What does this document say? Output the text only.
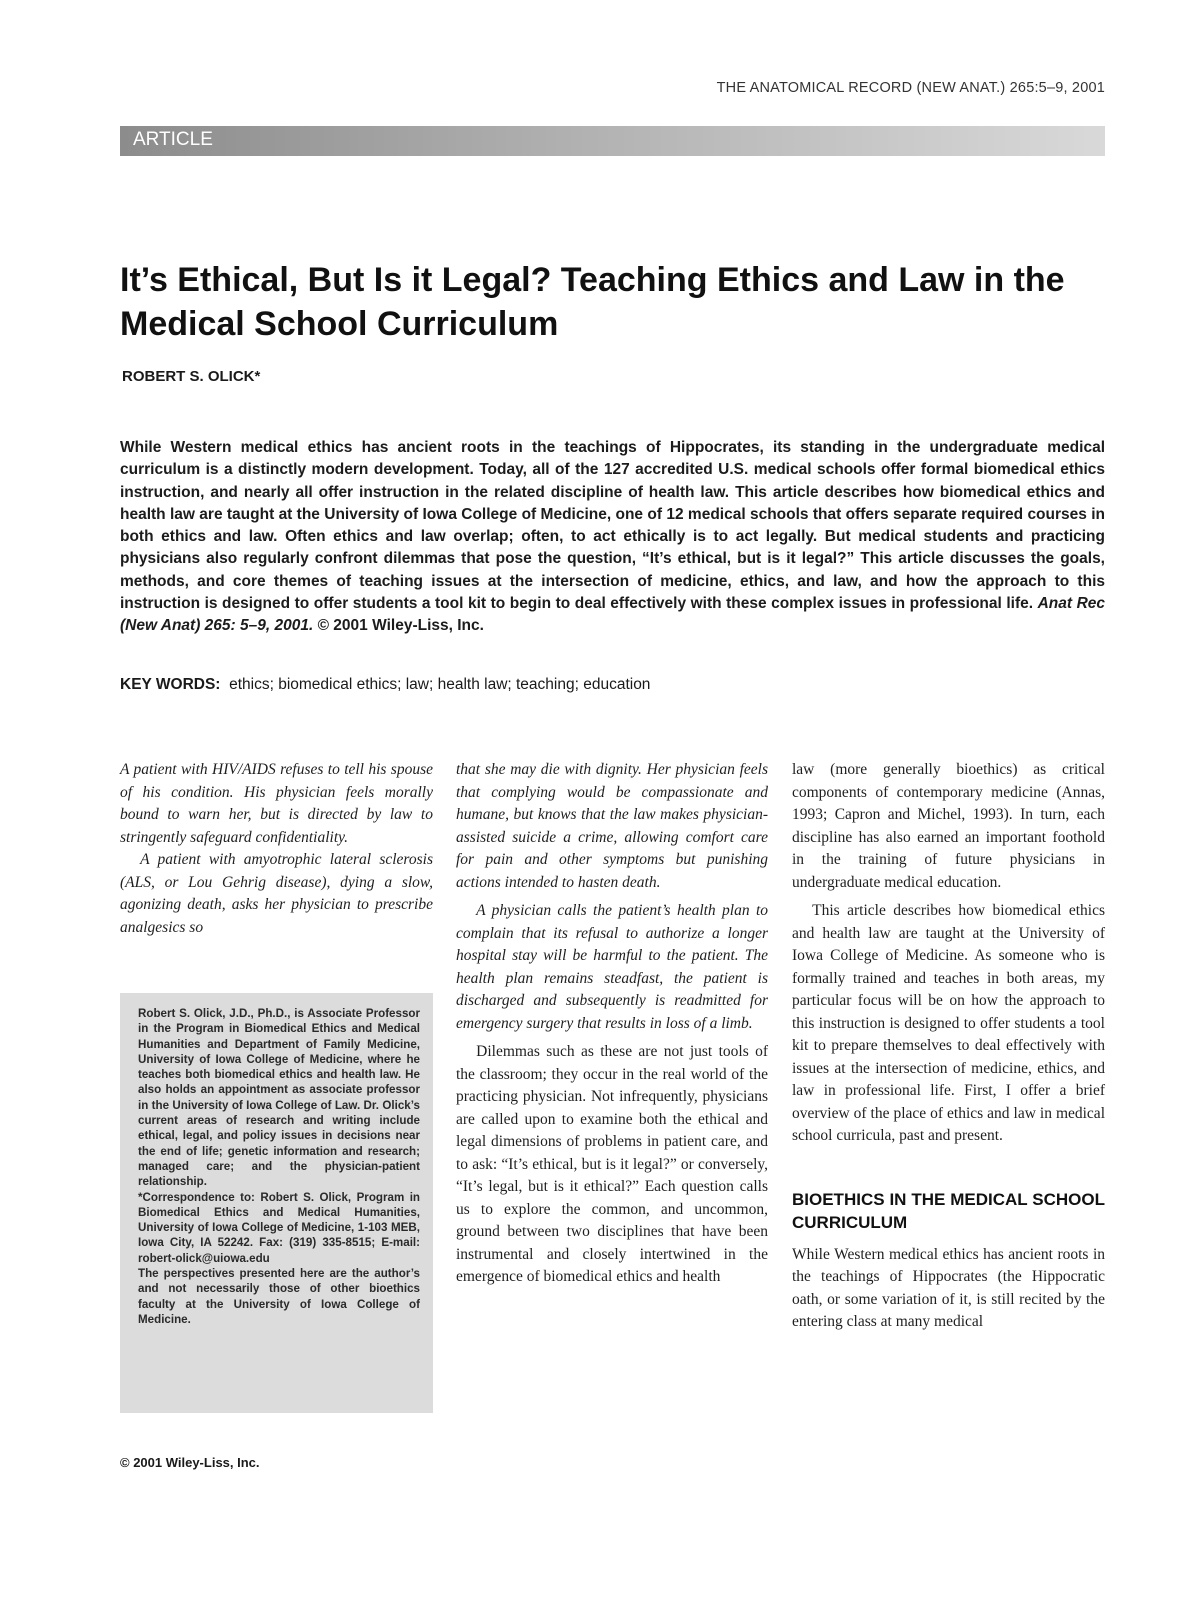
THE ANATOMICAL RECORD (NEW ANAT.) 265:5–9, 2001
ARTICLE
It’s Ethical, But Is it Legal? Teaching Ethics and Law in the Medical School Curriculum
ROBERT S. OLICK*

While Western medical ethics has ancient roots in the teachings of Hippocrates, its standing in the undergraduate medical curriculum is a distinctly modern development. Today, all of the 127 accredited U.S. medical schools offer formal biomedical ethics instruction, and nearly all offer instruction in the related discipline of health law. This article describes how biomedical ethics and health law are taught at the University of Iowa College of Medicine, one of 12 medical schools that offers separate required courses in both ethics and law. Often ethics and law overlap; often, to act ethically is to act legally. But medical students and practicing physicians also regularly confront dilemmas that pose the question, “It’s ethical, but is it legal?” This article discusses the goals, methods, and core themes of teaching issues at the intersection of medicine, ethics, and law, and how the approach to this instruction is designed to offer students a tool kit to begin to deal effectively with these complex issues in professional life. Anat Rec (New Anat) 265: 5–9, 2001. © 2001 Wiley-Liss, Inc.

KEY WORDS: ethics; biomedical ethics; law; health law; teaching; education

A patient with HIV/AIDS refuses to tell his spouse of his condition. His physician feels morally bound to warn her, but is directed by law to stringently safeguard confidentiality.

A patient with amyotrophic lateral sclerosis (ALS, or Lou Gehrig disease), dying a slow, agonizing death, asks her physician to prescribe analgesics so

Robert S. Olick, J.D., Ph.D., is Associate Professor in the Program in Biomedical Ethics and Medical Humanities and Department of Family Medicine, University of Iowa College of Medicine, where he teaches both biomedical ethics and health law. He also holds an appointment as associate professor in the University of Iowa College of Law. Dr. Olick’s current areas of research and writing include ethical, legal, and policy issues in decisions near the end of life; genetic information and research; managed care; and the physician-patient relationship.

*Correspondence to: Robert S. Olick, Program in Biomedical Ethics and Medical Humanities, University of Iowa College of Medicine, 1-103 MEB, Iowa City, IA 52242. Fax: (319) 335-8515; E-mail: robert-olick@uiowa.edu

The perspectives presented here are the author’s and not necessarily those of other bioethics faculty at the University of Iowa College of Medicine.

that she may die with dignity. Her physician feels that complying would be compassionate and humane, but knows that the law makes physician-assisted suicide a crime, allowing comfort care for pain and other symptoms but punishing actions intended to hasten death.

A physician calls the patient’s health plan to complain that its refusal to authorize a longer hospital stay will be harmful to the patient. The health plan remains steadfast, the patient is discharged and subsequently is readmitted for emergency surgery that results in loss of a limb.

Dilemmas such as these are not just tools of the classroom; they occur in the real world of the practicing physician. Not infrequently, physicians are called upon to examine both the ethical and legal dimensions of problems in patient care, and to ask: “It’s ethical, but is it legal?” or conversely, “It’s legal, but is it ethical?” Each question calls us to explore the common, and uncommon, ground between two disciplines that have been instrumental and closely intertwined in the emergence of biomedical ethics and health

law (more generally bioethics) as critical components of contemporary medicine (Annas, 1993; Capron and Michel, 1993). In turn, each discipline has also earned an important foothold in the training of future physicians in undergraduate medical education.

This article describes how biomedical ethics and health law are taught at the University of Iowa College of Medicine. As someone who is formally trained and teaches in both areas, my particular focus will be on how the approach to this instruction is designed to offer students a tool kit to prepare themselves to deal effectively with issues at the intersection of medicine, ethics, and law in professional life. First, I offer a brief overview of the place of ethics and law in medical school curricula, past and present.

BIOETHICS IN THE MEDICAL SCHOOL CURRICULUM

While Western medical ethics has ancient roots in the teachings of Hippocrates (the Hippocratic oath, or some variation of it, is still recited by the entering class at many medical

© 2001 Wiley-Liss, Inc.
